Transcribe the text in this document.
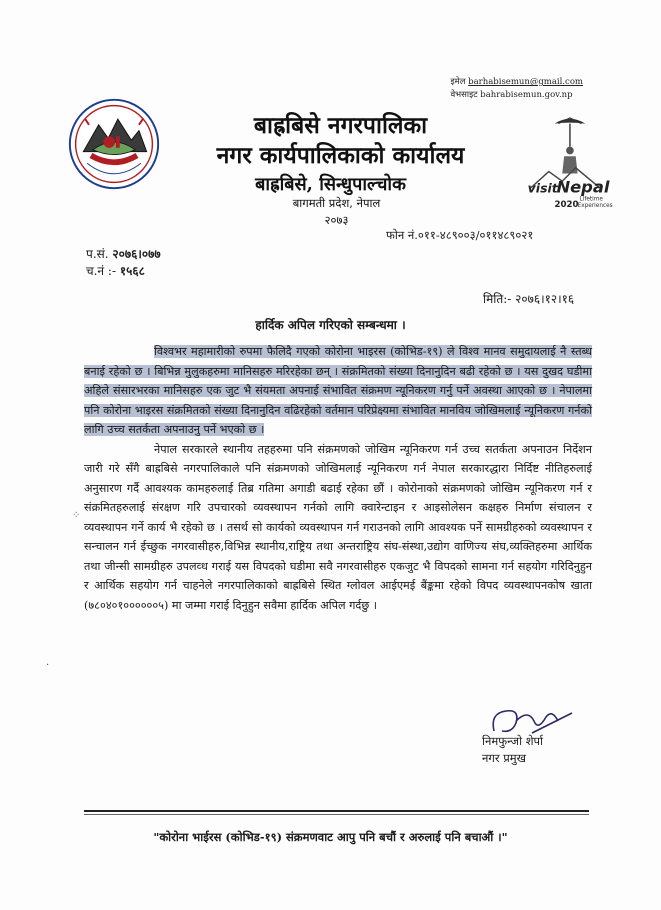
इमेल barhabisemun@gmail.com
वेभसाइट bahrabisemun.gov.np
बाह्रबिसे नगरपालिका
नगर कार्यपालिकाको कार्यालय
बाह्रबिसे, सिन्धुपाल्चोक
बागमती प्रदेश, नेपाल
२०७३
visit
Nepal
Lifetime
2020 Experiences
फोन नं.०११-४८९००३/०११४८९०२१
प.सं. २०७६।०७७
च.नं :- १५६८
मिति:- २०७६।१२।१६
हार्दिक अपिल गरिएको सम्बन्धमा ।

विश्वभर महामारीको रुपमा फैलिदै गएको कोरोना भाइरस (कोभिड-१९) ले विश्व मानव समुदायलाई नै स्तब्ध बनाई रहेको छ । बिभिन्न मुलुकहरुमा मानिसहरु मरिरहेका छन् । संक्रमितको संख्या दिनानुदिन बढी रहेको छ । यस दुखद घडीमा अहिले संसारभरका मानिसहरु एक जुट भै संयमता अपनाई संभावित संक्रमण न्यूनिकरण गर्नु पर्ने अवस्था आएको छ । नेपालमा पनि कोरोना भाइरस संक्रमितको संख्या दिनानुदिन वढिरहेको वर्तमान परिप्रेक्ष्यमा संभावित मानविय जोखिमलाई न्यूनिकरण गर्नको लागि उच्च सतर्कता अपनाउनु पर्ने भएको छ ।

नेपाल सरकारले स्थानीय तहहरुमा पनि संक्रमणको जोखिम न्यूनिकरण गर्न उच्च सतर्कता अपनाउन निर्देशन जारी गरे सँगै बाह्रबिसे नगरपालिकाले पनि संक्रमणको जोखिमलाई न्यूनिकरण गर्न नेपाल सरकारद्धारा निर्दिष्ट नीतिहरुलाई अनुसारण गर्दै आवश्यक कामहरुलाई तिब्र गतिमा अगाडी बढाई रहेका छौं । कोरोनाको संक्रमणको जोखिम न्यूनिकरण गर्न र संक्रमितहरुलाई संरक्षण गरि उपचारको व्यवस्थापन गर्नको लागि क्वारेन्टाइन र आइसोलेसन कक्षहरु निर्माण संचालन र व्यवस्थापन गर्ने कार्य भै रहेको छ । तसर्थ सो कार्यको व्यवस्थापन गर्न गराउनको लागि आवश्यक पर्ने सामग्रीहरुको व्यवस्थापन र सन्चालन गर्न ईच्छुक नगरवासीहरु,विभिन्न स्थानीय,राष्ट्रिय तथा अन्तराष्ट्रिय संघ-संस्था,उद्योग वाणिज्य संघ,व्यक्तिहरुमा आर्थिक तथा जीन्सी सामग्रीहरु उपलव्ध गराई यस विपदको घडीमा सवै नगरवासीहरु एकजुट भै विपदको सामना गर्न सहयोग गरिदिनुहुन र आर्थिक सहयोग गर्न चाहनेले नगरपालिकाको बाह्रबिसे स्थित ग्लोवल आईएमई बैंङ्कमा रहेको विपद व्यवस्थापनकोष खाता (७८०४०१००००००५) मा जम्मा गराई दिनुहुन सवैमा हार्दिक अपिल गर्दछु ।

निमफुन्जो शेर्पा
नगर प्रमुख
⁘
·
"कोरोना भाईरस (कोभिड-१९) संक्रमणवाट आपु पनि बचौं र अरुलाई पनि बचाऔं ।"
